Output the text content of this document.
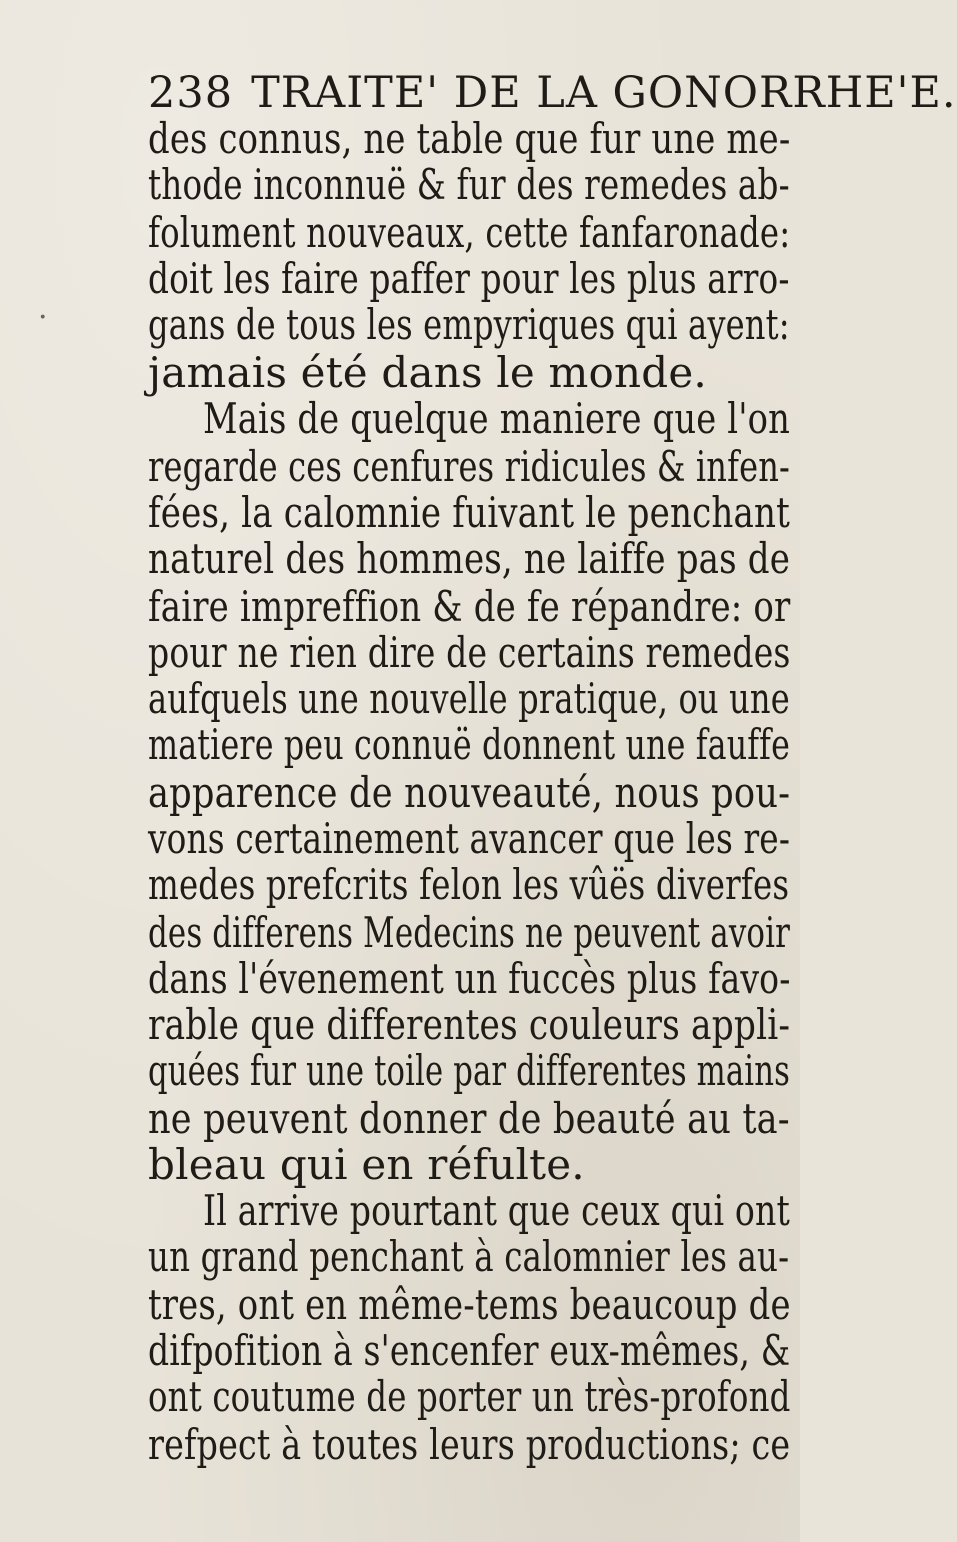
238 TRAITE' DE LA GONORRHE'E.
des connus, ne table que fur une me-
thode inconnuë & fur des remedes ab-
folument nouveaux, cette fanfaronade:
doit les faire paffer pour les plus arro-
gans de tous les empyriques qui ayent:
jamais été dans le monde.
Mais de quelque maniere que l'on
regarde ces cenfures ridicules & infen-
fées, la calomnie fuivant le penchant
naturel des hommes, ne laiffe pas de
faire impreffion & de fe répandre: or
pour ne rien dire de certains remedes
aufquels une nouvelle pratique, ou une
matiere peu connuë donnent une fauffe
apparence de nouveauté, nous pou-
vons certainement avancer que les re-
medes prefcrits felon les vûës diverfes
des differens Medecins ne peuvent avoir
dans l'évenement un fuccès plus favo-
rable que differentes couleurs appli-
quées fur une toile par differentes mains
ne peuvent donner de beauté au ta-
bleau qui en réfulte.
Il arrive pourtant que ceux qui ont
un grand penchant à calomnier les au-
tres, ont en même-tems beaucoup de
difpofition à s'encenfer eux-mêmes, &
ont coutume de porter un très-profond
refpect à toutes leurs productions; ce
·
